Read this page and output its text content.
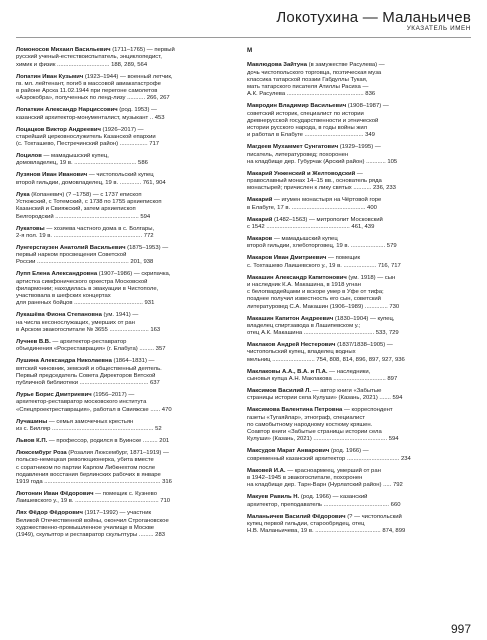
Локотухина — Маланьичев
УКАЗАТЕЛЬ ИМЕН
Ломоносов Михаил Васильевич (1711–1765) — первый
русский ученый-естествоиспытатель, энциклопедист,
химик и физик ................................ 188, 289, 564
Лопатин Иван Кузьмич (1923–1944) — военный летчик,
гв. мл. лейтенант, погиб в массовой авиакатастрофе
в районе Арска 11.02.1944 при перегоне самолетов
«Аэрокобра», полученных по ленд-лизу ........... 266, 267
Лопаткин Александр Нарциссович (род. 1953) —
казанский архитектор-монументалист, музыкант .. 453
Лоцацков Виктор Андреевич (1926–2017) —
старейший церковнослужитель Казанской епархии
(с. Тохташево, Пестречинский район) ................. 717
Лоцилов — мамадышский купец,
домовладелец, 19 в. ...................................... 586
Лузянов Иван Иванович — чистопольский купец
второй гильдии, домовладелец, 19 в. ............. 761, 904
Лука (Копаневич) (? –1758) — с 1737 епископ
Устюжский, с Тотемский, с 1738 по 1755 архиепископ
Казанский и Свияжский, затем архиепископ
Белгородский ................................................... 594
Лукатовы — хозяева частного дома в с. Болгары,
2-я пол. 19 в. ...................................................... 772
Лунгерсгаузен Анатолий Васильевич (1875–1953) —
первый нарком просвещения Советской
России ........................................................ 201, 938
Лупп Елена Александровна (1907–1986) — скрипачка,
артистка симфонического оркестра Московской
филармонии; находилась в эвакуации в Чистополе,
участвовала в шефских концертах
для раненых бойцов .......................................... 931
Лукашёва Фиона Степановна (ум. 1941) —
на числа кесонослужащих, умерших от ран
в Арском эвакогоспитале № 3655 ........................ 163
Лучнев В.В. — архитектор-реставратор
объединения «Росреставрация» (г. Елабуга) ......... 357
Лушина Александра Николаевна (1864–1831) —
вятский чиновник, земский и общественный деятель.
Первый председатель Совета Директоров Вятской
публичной библиотеки .......................................... 637
Лурье Борис Дмитриевич (1956–2017) —
архитектор-реставратор московского института
«Спецпроектреставрация», работал в Свияжске ...... 470
Лучашины — семья замочечных крестьян
из с. Билляр .............................................................. 52
Львов К.П. — профессор, родился в Буинске ......... 201
Люксембург Роза (Розалия Люксембург, 1871–1919) —
польско-немецкая революционерка, убита вместе
с соратником по партии Карлом Либкнехтом после
подавления восстания берлинских рабочих в январе
1919 года ....................................................................... 316
Лютонин Иван Фёдорович — помещик с. Кузнево
Лаишевского у., 19 в. ................................................... 710
Лях Фёдор Фёдорович (1917–1992) — участник
Великой Отечественной войны, окончил Строгановское
художественно-промышленное училище в Москве
(1949), скульптор и реставратор скульптуры ......... 283
М
Мавлюдова Зайтуна (в замужестве Расулева) —
дочь чистопольского торговца, поэтическая муза
классика татарской поэзии Габдуллы Тукая,
мать татарского писателя Атиллы Расиха —
А.К. Расулева ............................................... 836
Мавродин Владимир Васильевич (1908–1987) —
советский историк, специалист по истории
древнерусской государственности и этнической
истории русского народа, в годы войны жил
и работал в Елабуге .................................... 349
Магдеев Мухаммет Сунгатович (1929–1995) —
писатель, литературовед; похоронен
на кладбище дер. Губурчак (Арский район) ............ 105
Макарий Унженский и Желтоводский —
православный монах 14–15 вв., основатель ряда
монастырей; причислен к лику святых ........... 236, 233
Макарий — игумен монастыря на Чёртовой горе
в Елабуге, 17 в. ............................................. 400
Макарий (1482–1563) — митрополит Московский
с 1542 ................................................... 461, 439
Макаров — мамадышский купец
второй гильдии, хлеботорговец, 19 в. ..................... 579
Макаров Иван Дмитриевич — помещик
с. Тохташево Лаишевского у., 19 в. .................... 716, 717
Макашин Александр Капитонович (ум. 1918) — сын
и наследник К.А. Макашина, в 1918 угнан
с белогвардейцами и вскоре умер в Уфе от тифа;
позднее получил известность его сын, советский
литературовед С.А. Макашин (1906–1989) .............. 730
Макашин Капитон Андреевич (1830–1904) — купец,
владелец спиртзавода в Лашипевском у.;
отец А.К. Макашина ........................................... 533, 729
Маклаков Андрей Нестерович (1837/1838–1905) —
чистопольский купец, владелец водных
мельниц .......................... 754, 808, 814, 896, 897, 927, 936
Маклаковы А.А., В.А. и П.А. — наследники,
сыновья купца А.Н. Маклакова ................................ 897
Максимов Василий Л. — автор книги «Забытые
страницы истории села Кулуши» (Казань, 2021) ....... 594
Максимова Валентина Петровна — корреспондент
газеты «Тугаяйлар», этнограф, специалист
по самобытному народному костюму кряшен.
Соавтор книги «Забытые страницы истории села
Кулуши» (Казань, 2021) ............................................. 594
Максудов Марат Анварович (род. 1966) —
современный казанский архитектор ................................ 234
Маковей И.А. — красноармеец, умерший от ран
в 1942–1945 в эвакогоспитале, похоронен
на кладбище дер. Тарн-Варн (Нурлатский район) ..... 792
Макуев Равиль Н. (род. 1966) — казанский
архитектор, преподаватель ........................................ 660
Маланьичев Василий Фёдорович (? — чистопольский
купец первой гильдии, старообрядец, отец
Н.В. Маланьичева, 19 в. ........................................ 874, 899
997
